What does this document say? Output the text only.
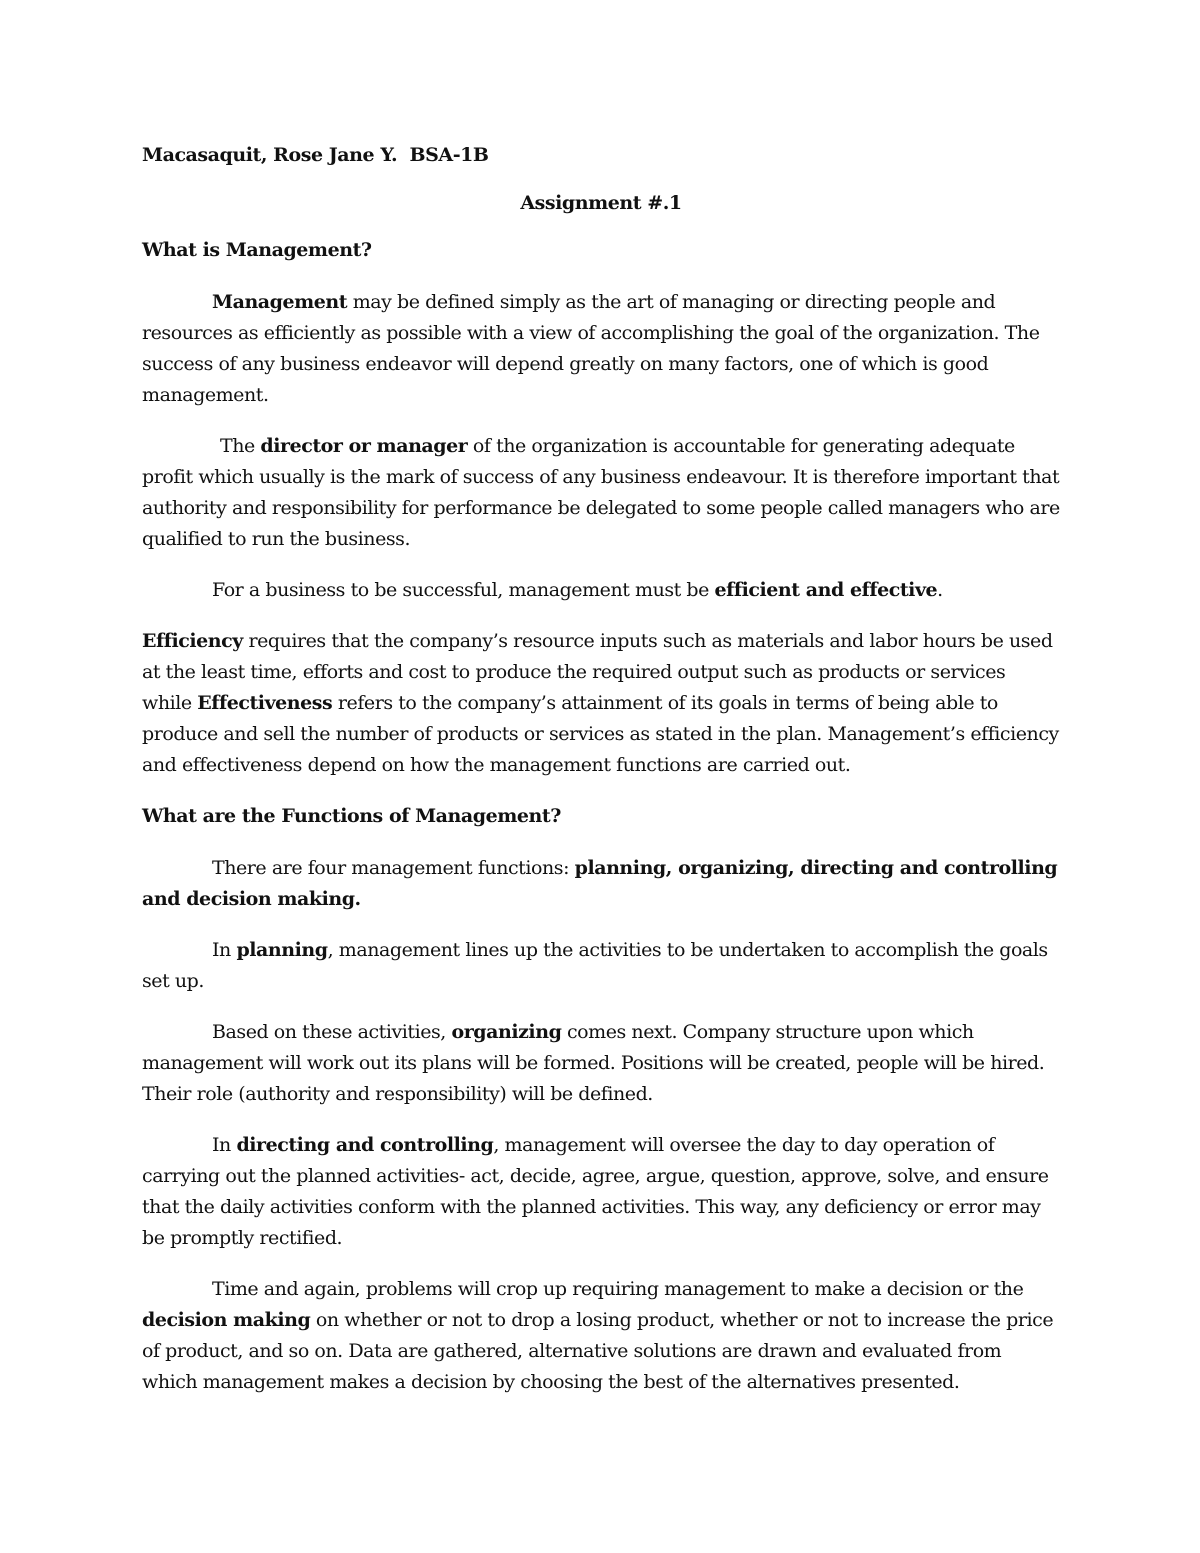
Macasaquit, Rose Jane Y. BSA-1B

Assignment #.1

What is Management?

Management may be defined simply as the art of managing or directing people and resources as efficiently as possible with a view of accomplishing the goal of the organization. The success of any business endeavor will depend greatly on many factors, one of which is good management.

The director or manager of the organization is accountable for generating adequate profit which usually is the mark of success of any business endeavour. It is therefore important that authority and responsibility for performance be delegated to some people called managers who are qualified to run the business.

For a business to be successful, management must be efficient and effective.

Efficiency requires that the company’s resource inputs such as materials and labor hours be used at the least time, efforts and cost to produce the required output such as products or services while Effectiveness refers to the company’s attainment of its goals in terms of being able to produce and sell the number of products or services as stated in the plan. Management’s efficiency and effectiveness depend on how the management functions are carried out.

What are the Functions of Management?

There are four management functions: planning, organizing, directing and controlling and decision making.

In planning, management lines up the activities to be undertaken to accomplish the goals set up.

Based on these activities, organizing comes next. Company structure upon which management will work out its plans will be formed. Positions will be created, people will be hired. Their role (authority and responsibility) will be defined.

In directing and controlling, management will oversee the day to day operation of carrying out the planned activities- act, decide, agree, argue, question, approve, solve, and ensure that the daily activities conform with the planned activities. This way, any deficiency or error may be promptly rectified.

Time and again, problems will crop up requiring management to make a decision or the decision making on whether or not to drop a losing product, whether or not to increase the price of product, and so on. Data are gathered, alternative solutions are drawn and evaluated from which management makes a decision by choosing the best of the alternatives presented.
